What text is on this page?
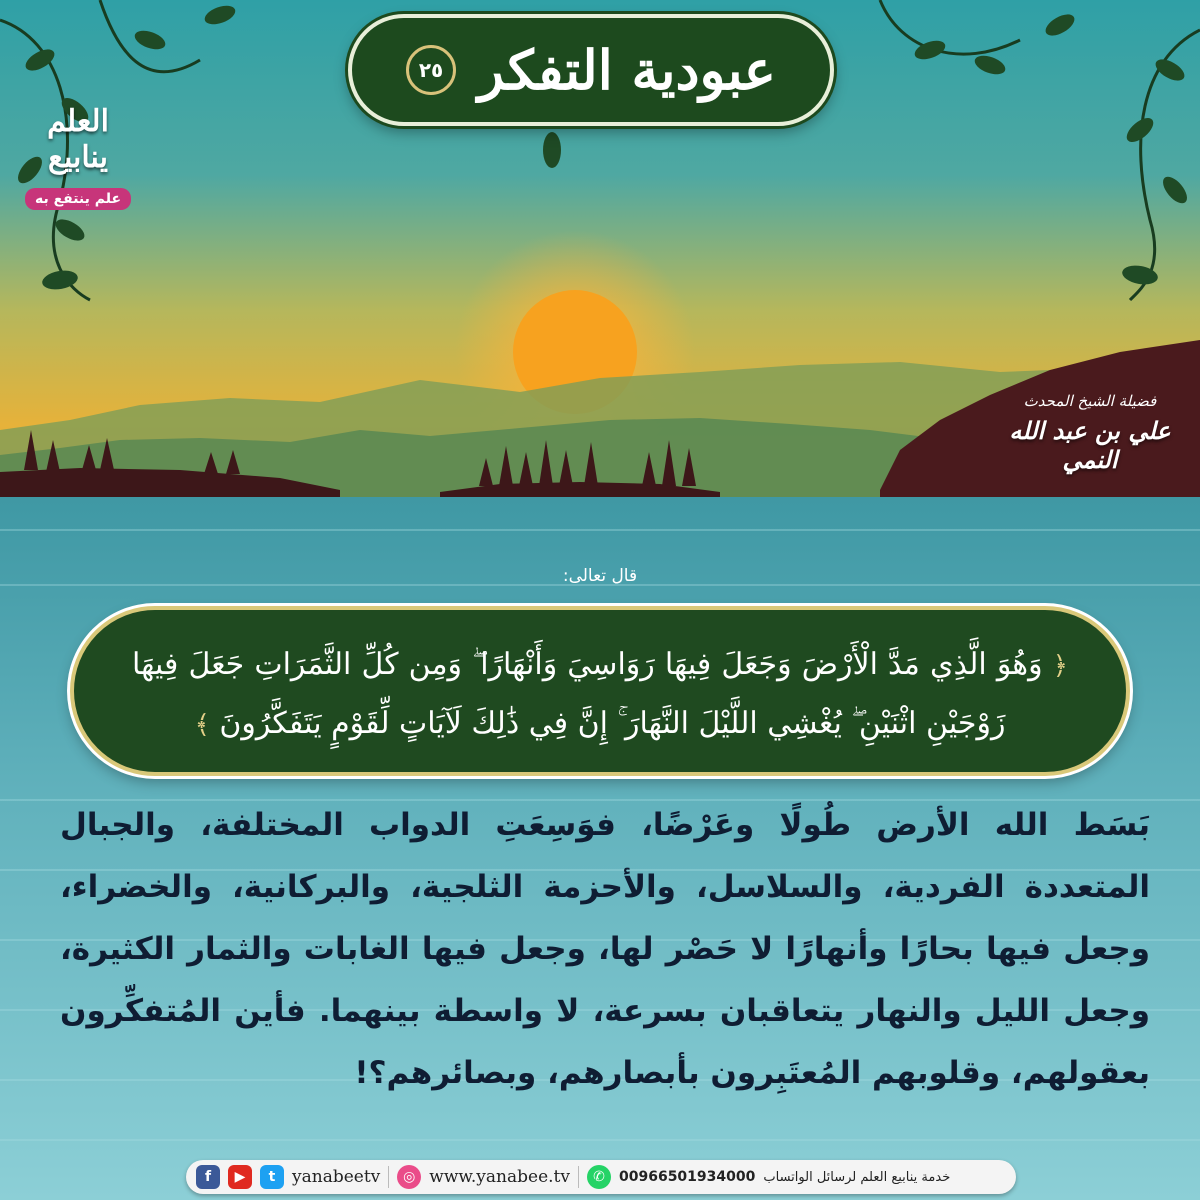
عبودية التفكر
٢٥
العلم
ينابيع
علم ينتفع به
فضيلة الشيخ المحدث
علي بن عبد الله النمي
قال تعالى:
﴿ وَهُوَ الَّذِي مَدَّ الْأَرْضَ وَجَعَلَ فِيهَا رَوَاسِيَ وَأَنْهَارًا ۖ وَمِن كُلِّ الثَّمَرَاتِ جَعَلَ فِيهَا زَوْجَيْنِ اثْنَيْنِ ۖ يُغْشِي اللَّيْلَ النَّهَارَ ۚ إِنَّ فِي ذَٰلِكَ لَآيَاتٍ لِّقَوْمٍ يَتَفَكَّرُونَ ﴾
بَسَط الله الأرض طُولًا وعَرْضًا، فوَسِعَتِ الدواب المختلفة، والجبال المتعددة الفردية، والسلاسل، والأحزمة الثلجية، والبركانية، والخضراء، وجعل فيها بحارًا وأنهارًا لا حَصْر لها، وجعل فيها الغابات والثمار الكثيرة، وجعل الليل والنهار يتعاقبان بسرعة، لا واسطة بينهما. فأين المُتفكِّرون بعقولهم، وقلوبهم المُعتَبِرون بأبصارهم، وبصائرهم؟!
f	▶	t yanabeetv	◎ www.yanabee.tv	✆	00966501934000 خدمة ينابيع العلم لرسائل الواتساب
